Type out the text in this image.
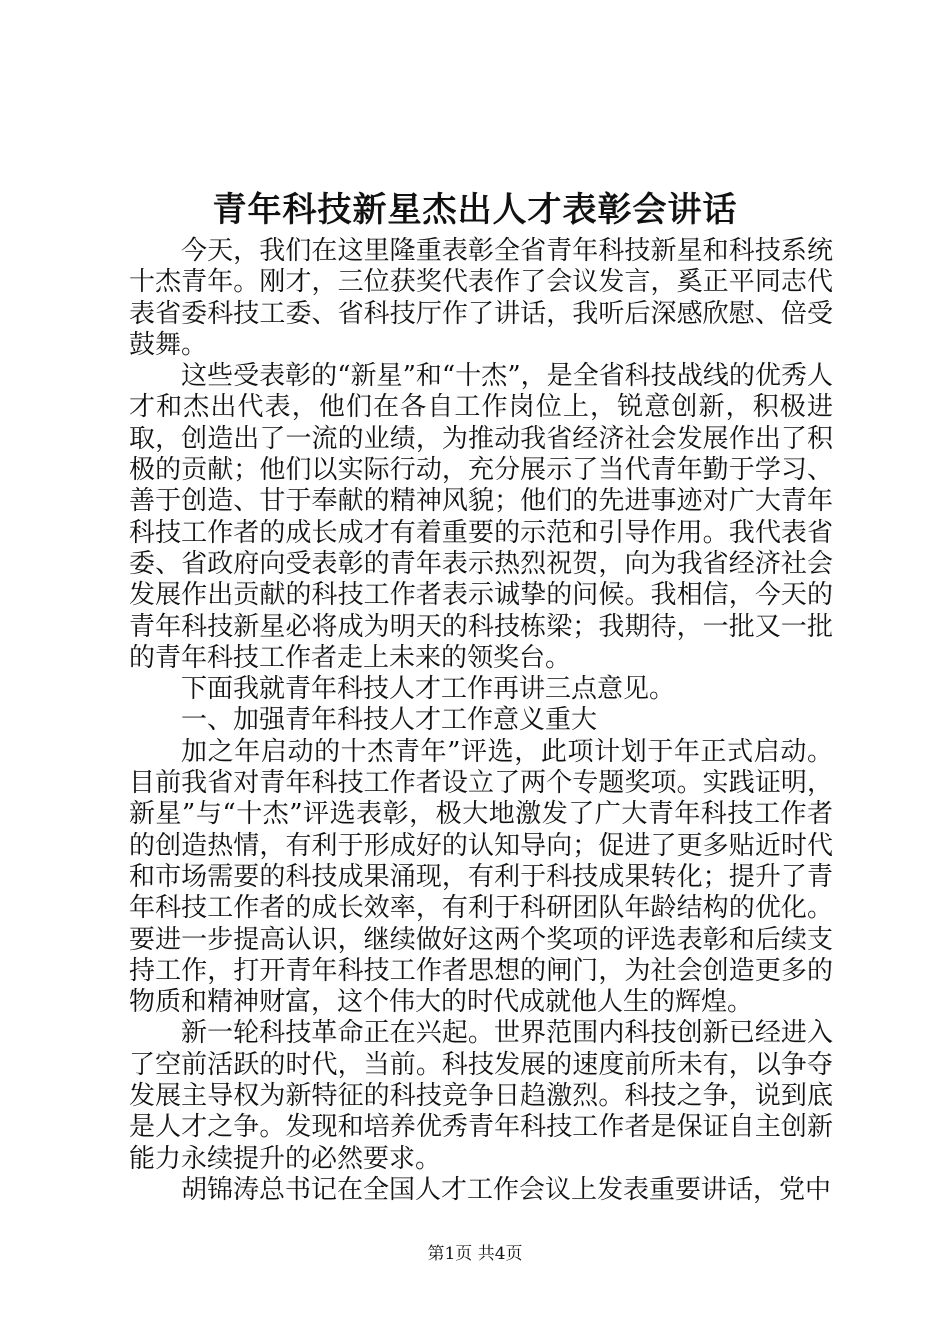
青年科技新星杰出人才表彰会讲话

今天，我们在这里隆重表彰全省青年科技新星和科技系统十杰青年。刚才，三位获奖代表作了会议发言，奚正平同志代表省委科技工委、省科技厅作了讲话，我听后深感欣慰、倍受鼓舞。

这些受表彰的“新星”和“十杰”，是全省科技战线的优秀人才和杰出代表，他们在各自工作岗位上，锐意创新，积极进取，创造出了一流的业绩，为推动我省经济社会发展作出了积极的贡献；他们以实际行动，充分展示了当代青年勤于学习、善于创造、甘于奉献的精神风貌；他们的先进事迹对广大青年科技工作者的成长成才有着重要的示范和引导作用。我代表省委、省政府向受表彰的青年表示热烈祝贺，向为我省经济社会发展作出贡献的科技工作者表示诚挚的问候。我相信，今天的青年科技新星必将成为明天的科技栋梁；我期待，一批又一批的青年科技工作者走上未来的领奖台。

下面我就青年科技人才工作再讲三点意见。

一、加强青年科技人才工作意义重大

加之年启动的十杰青年”评选，此项计划于年正式启动。目前我省对青年科技工作者设立了两个专题奖项。实践证明，新星”与“十杰”评选表彰，极大地激发了广大青年科技工作者的创造热情，有利于形成好的认知导向；促进了更多贴近时代和市场需要的科技成果涌现，有利于科技成果转化；提升了青年科技工作者的成长效率，有利于科研团队年龄结构的优化。要进一步提高认识，继续做好这两个奖项的评选表彰和后续支持工作，打开青年科技工作者思想的闸门，为社会创造更多的物质和精神财富，这个伟大的时代成就他人生的辉煌。

新一轮科技革命正在兴起。世界范围内科技创新已经进入了空前活跃的时代，当前。科技发展的速度前所未有，以争夺发展主导权为新特征的科技竞争日趋激烈。科技之争，说到底是人才之争。发现和培养优秀青年科技工作者是保证自主创新能力永续提升的必然要求。

胡锦涛总书记在全国人才工作会议上发表重要讲话，党中

第1页 共4页
